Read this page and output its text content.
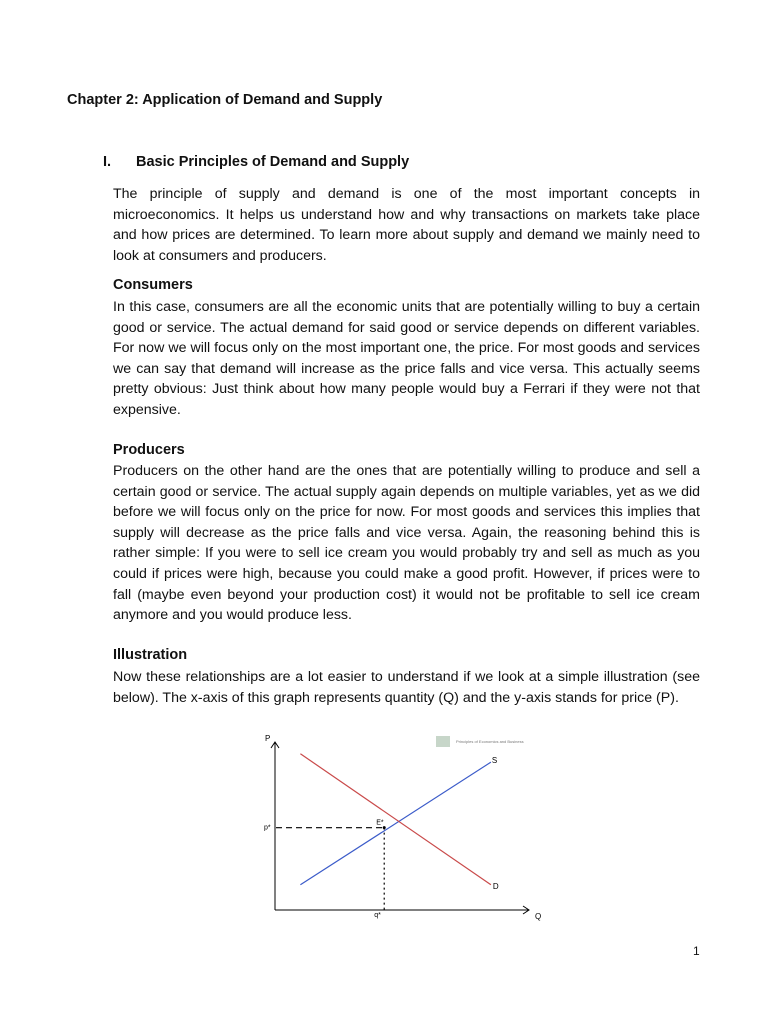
Chapter 2: Application of Demand and Supply
I. Basic Principles of Demand and Supply

The principle of supply and demand is one of the most important concepts in microeconomics. It helps us understand how and why transactions on markets take place and how prices are determined. To learn more about supply and demand we mainly need to look at consumers and producers.

Consumers

In this case, consumers are all the economic units that are potentially willing to buy a certain good or service. The actual demand for said good or service depends on different variables. For now we will focus only on the most important one, the price. For most goods and services we can say that demand will increase as the price falls and vice versa. This actually seems pretty obvious: Just think about how many people would buy a Ferrari if they were not that expensive.

Producers

Producers on the other hand are the ones that are potentially willing to produce and sell a certain good or service. The actual supply again depends on multiple variables, yet as we did before we will focus only on the price for now. For most goods and services this implies that supply will decrease as the price falls and vice versa. Again, the reasoning behind this is rather simple: If you were to sell ice cream you would probably try and sell as much as you could if prices were high, because you could make a good profit. However, if prices were to fall (maybe even beyond your production cost) it would not be profitable to sell ice cream anymore and you would produce less.

Illustration

Now these relationships are a lot easier to understand if we look at a simple illustration (see below). The x-axis of this graph represents quantity (Q) and the y-axis stands for price (P).

P
Q
S
D
E*
p*
q*
Principles of Economics and Business
1
